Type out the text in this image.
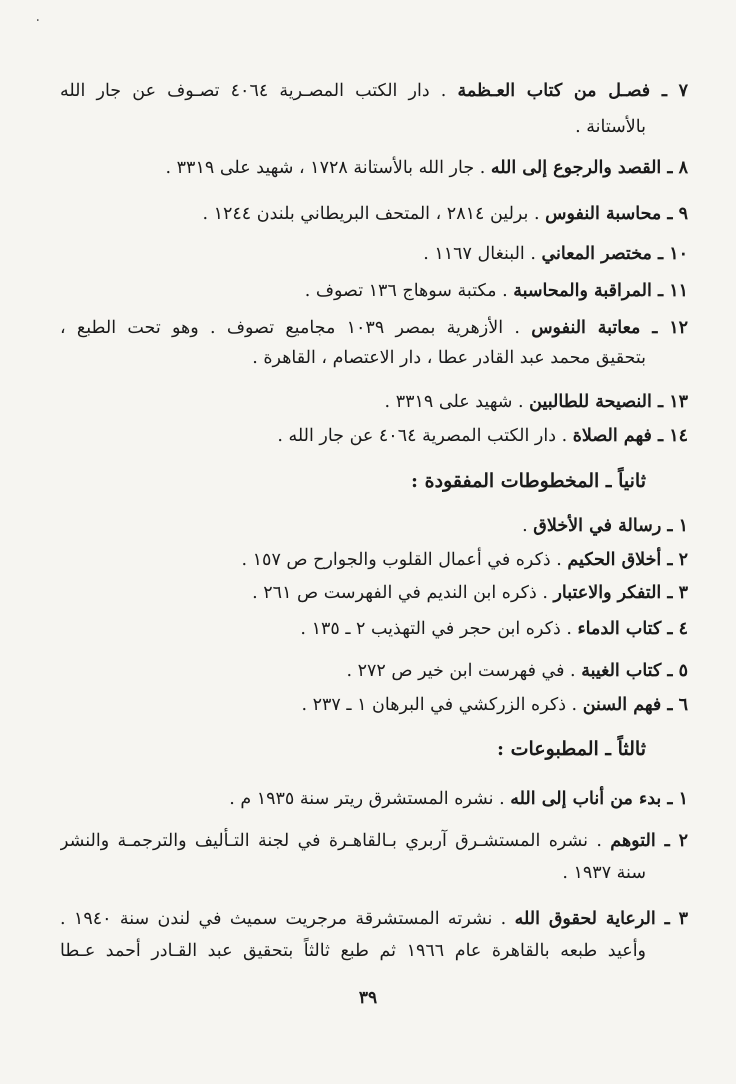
٠
٧ ـ فصـل من كتاب العـظمة . دار الكتب المصـرية ٤٠٦٤ تصـوف عن جار الله
بالأستانة .
٨ ـ القصد والرجوع إلى الله . جار الله بالأستانة ١٧٢٨ ، شهيد على ٣٣١٩ .
٩ ـ محاسبة النفوس . برلين ٢٨١٤ ، المتحف البريطاني بلندن ١٢٤٤ .
١٠ ـ مختصر المعاني . البنغال ١١٦٧ .
١١ ـ المراقبة والمحاسبة . مكتبة سوهاج ١٣٦ تصوف .
١٢ ـ معاتبة النفوس . الأزهرية بمصر ١٠٣٩ مجاميع تصوف . وهو تحت الطبع ،
بتحقيق محمد عبد القادر عطا ، دار الاعتصام ، القاهرة .
١٣ ـ النصيحة للطالبين . شهيد على ٣٣١٩ .
١٤ ـ فهم الصلاة . دار الكتب المصرية ٤٠٦٤ عن جار الله .
ثانياً ـ المخطوطات المفقودة :
١ ـ رسالة في الأخلاق .
٢ ـ أخلاق الحكيم . ذكره في أعمال القلوب والجوارح ص ١٥٧ .
٣ ـ التفكر والاعتبار . ذكره ابن النديم في الفهرست ص ٢٦١ .
٤ ـ كتاب الدماء . ذكره ابن حجر في التهذيب ٢ ـ ١٣٥ .
٥ ـ كتاب الغيبة . في فهرست ابن خير ص ٢٧٢ .
٦ ـ فهم السنن . ذكره الزركشي في البرهان ١ ـ ٢٣٧ .
ثالثاً ـ المطبوعات :
١ ـ بدء من أناب إلى الله . نشره المستشرق ريتر سنة ١٩٣٥ م .
٢ ـ التوهم . نشره المستشـرق آربري بـالقاهـرة في لجنة التـأليف والترجمـة والنشر
سنة ١٩٣٧ .
٣ ـ الرعاية لحقوق الله . نشرته المستشرقة مرجريت سميث في لندن سنة ١٩٤٠ .
وأعيد طبعه بالقاهرة عام ١٩٦٦ ثم طبع ثالثاً بتحقيق عبد القـادر أحمد عـطا
٣٩
